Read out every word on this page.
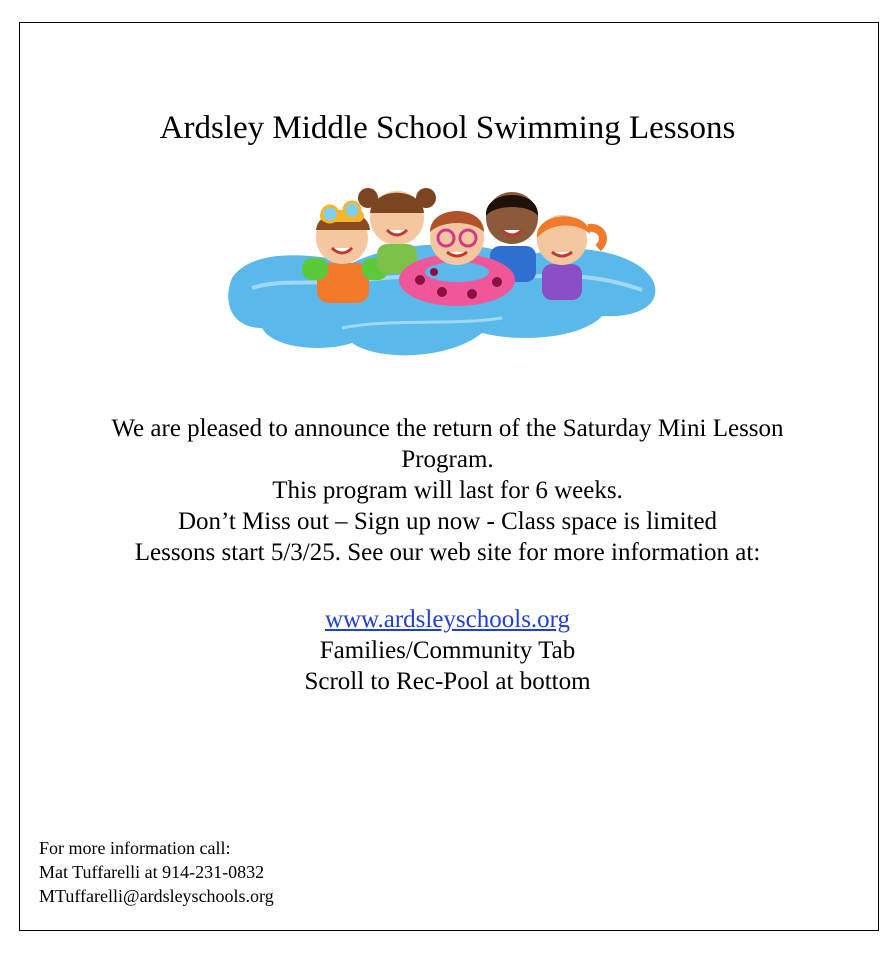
Ardsley Middle School Swimming Lessons
We are pleased to announce the return of the Saturday Mini Lesson
Program.
This program will last for 6 weeks.
Don’t Miss out – Sign up now - Class space is limited
Lessons start 5/3/25. See our web site for more information at:
www.ardsleyschools.org
Families/Community Tab
Scroll to Rec-Pool at bottom
For more information call:
Mat Tuffarelli at 914-231-0832
MTuffarelli@ardsleyschools.org
